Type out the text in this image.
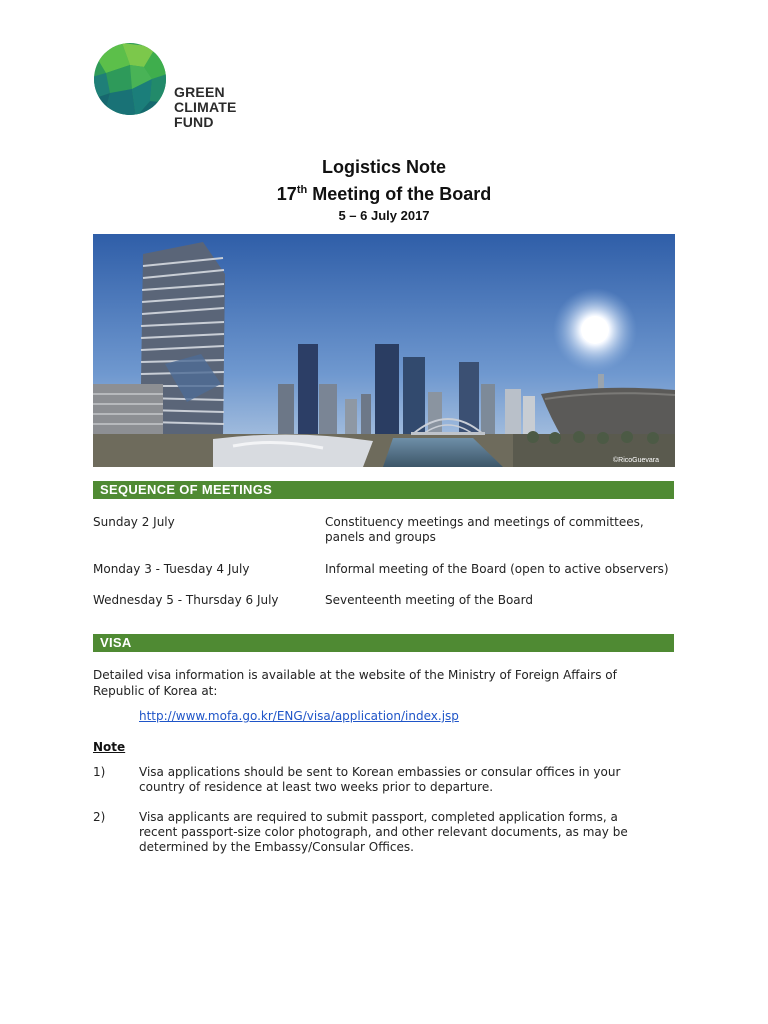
GREEN
CLIMATE
FUND
Logistics Note
17th Meeting of the Board
5 – 6 July 2017
©RicoGuevara
SEQUENCE OF MEETINGS
Sunday 2 July	Constituency meetings and meetings of committees, panels and groups
Monday 3 - Tuesday 4 July	Informal meeting of the Board (open to active observers)
Wednesday 5 - Thursday 6 July	Seventeenth meeting of the Board
VISA
Detailed visa information is available at the website of the Ministry of Foreign Affairs of Republic of Korea at:
http://www.mofa.go.kr/ENG/visa/application/index.jsp
Note
1)	Visa applications should be sent to Korean embassies or consular offices in your country of residence at least two weeks prior to departure.
2)	Visa applicants are required to submit passport, completed application forms, a recent passport-size color photograph, and other relevant documents, as may be determined by the Embassy/Consular Offices.
